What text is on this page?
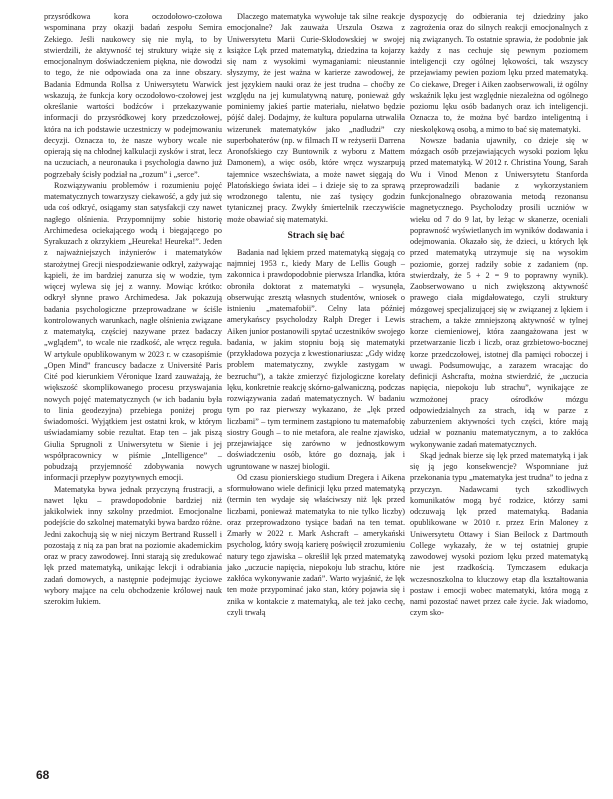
przysródkowa kora oczodołowo-czołowa wspominana przy okazji badań zespołu Semira Zekiego. Jeśli naukowcy się nie mylą, to by stwierdzili, że aktywność tej struktury wiąże się z emocjonalnym doświadczeniem piękna, nie dowodzi to tego, że nie odpowiada ona za inne obszary. Badania Edmunda Rollsa z Uniwersytetu Warwick wskazują, że funkcja kory oczodołowo-czołowej jest określanie wartości bodźców i przekazywanie informacji do przysródkowej kory przedczołowej, która na ich podstawie uczestniczy w podejmowaniu decyzji. Oznacza to, że nasze wybory wcale nie opierają się na chłodnej kalkulacji zysków i strat, lecz na uczuciach, a neuronauka i psychologia dawno już pogrzebały ścisły podział na „rozum” i „serce”.

Rozwiązywaniu problemów i rozumieniu pojęć matematycznych towarzyszy ciekawość, a gdy już się uda coś odkryć, osiągamy stan satysfakcji czy nawet nagłego olśnienia. Przypomnijmy sobie historię Archimedesa ociekającego wodą i biegającego po Syrakuzach z okrzykiem „Heureka! Heureka!”. Jeden z najważniejszych inżynierów i matematyków starożytnej Grecji niespodziewanie odkrył, zażywając kąpieli, że im bardziej zanurza się w wodzie, tym więcej wylewa się jej z wanny. Mowiąc krótko: odkrył słynne prawo Archimedesa. Jak pokazują badania psychologiczne przeprowadzane w ściśle kontrolowanych warunkach, nagłe olśnienia związane z matematyką, częściej nazywane przez badaczy „wglądem”, to wcale nie rzadkość, ale wręcz reguła. W artykule opublikowanym w 2023 r. w czasopiśmie „Open Mind” francuscy badacze z Université Paris Cité pod kierunkiem Véronique Izard zauważają, że większość skomplikowanego procesu przyswajania nowych pojęć matematycznych (w ich badaniu była to linia geodezyjna) przebiega poniżej progu świadomości. Wyjątkiem jest ostatni krok, w którym uświadamiamy sobie rezultat. Etap ten – jak piszą Giulia Sprugnoli z Uniwersytetu w Sienie i jej współpracownicy w piśmie „Intelligence” – pobudzają przyjemność zdobywania nowych informacji przepływ pozytywnych emocji.

Matematyka bywa jednak przyczyną frustracji, a nawet lęku – prawdopodobnie bardziej niż jakikolwiek inny szkolny przedmiot. Emocjonalne podejście do szkolnej matematyki bywa bardzo różne. Jedni zakochują się w niej niczym Bertrand Russell i pozostają z nią za pan brat na poziomie akademickim oraz w pracy zawodowej. Inni starają się zredukować lęk przed matematyką, unikając lekcji i odrabiania zadań domowych, a następnie podejmując życiowe wybory mające na celu obchodzenie królowej nauk szerokim łukiem.

Dlaczego matematyka wywołuje tak silne reakcje emocjonalne? Jak zauważa Urszula Oszwa z Uniwersytetu Marii Curie-Skłodowskiej w swojej książce Lęk przed matematyką, dziedzina ta kojarzy się nam z wysokimi wymaganiami: nieustannie słyszymy, że jest ważna w karierze zawodowej, że jest językiem nauki oraz że jest trudna – choćby ze względu na jej kumulatywną naturę, ponieważ gdy pominiemy jakieś partie materiału, niełatwo będzie pójść dalej. Dodajmy, że kultura popularna utrwaliła wizerunek matematyków jako „nadludzi” czy superbohaterów (np. w filmach Π w reżyserii Darrena Aronofskiego czy Buntownik z wyboru z Mattem Damonem), a więc osób, które wręcz wyszarpują tajemnice wszechświata, a może nawet sięgają do Platońskiego świata idei – i dzieje się to za sprawą wrodzonego talentu, nie zaś tysięcy godzin tytanicznej pracy. Zwykły śmiertelnik rzeczywiście może obawiać się matematyki.

Strach się bać

Badania nad lękiem przed matematyką sięgają co najmniej 1953 r., kiedy Mary de Lellis Gough – zakonnica i prawdopodobnie pierwsza Irlandka, która obroniła doktorat z matematyki – wysunęła, obserwując zresztą własnych studentów, wniosek o istnieniu „matemafobii”. Celny lata później amerykańscy psycholodzy Ralph Dreger i Lewis Aiken junior postanowili spytać uczestników swojego badania, w jakim stopniu boją się matematyki (przykładowa pozycja z kwestionariusza: „Gdy widzę problem matematyczny, zwykle zastygam w bezruchu”), a także zmierzyć fizjologiczne korelaty lęku, konkretnie reakcję skórno-galwaniczną, podczas rozwiązywania zadań matematycznych. W badaniu tym po raz pierwszy wykazano, że „lęk przed liczbami” – tym terminem zastąpiono tu matemafobię siostry Gough – to nie metafora, ale realne zjawisko, przejawiające się zarówno w jednostkowym doświadczeniu osób, które go doznają, jak i ugruntowane w naszej biologii.

Od czasu pionierskiego studium Dregera i Aikena sformułowano wiele definicji lęku przed matematyką (termin ten wydaje się właściwszy niż lęk przed liczbami, ponieważ matematyka to nie tylko liczby) oraz przeprowadzono tysiące badań na ten temat. Zmarły w 2022 r. Mark Ashcraft – amerykański psycholog, który swoją karierę poświęcił zrozumieniu natury tego zjawiska – określił lęk przed matematyką jako „uczucie napięcia, niepokoju lub strachu, które zakłóca wykonywanie zadań”. Warto wyjaśnić, że lęk ten może przypominać jako stan, który pojawia się i znika w kontakcie z matematyką, ale też jako cechę, czyli trwałą

dyspozycję do odbierania tej dziedziny jako zagrożenia oraz do silnych reakcji emocjonalnych z nią związanych. To ostatnie sprawia, że podobnie jak każdy z nas cechuje się pewnym poziomem inteligencji czy ogólnej lękowości, tak wszyscy przejawiamy pewien poziom lęku przed matematyką. Co ciekawe, Dreger i Aiken zaobserwowali, iż ogólny wskaźnik lęku jest względnie niezależna od ogólnego poziomu lęku osób badanych oraz ich inteligencji. Oznacza to, że można być bardzo inteligentną i nieskolękową osobą, a mimo to bać się matematyki.

Nowsze badania ujawniły, co dzieje się w mózgach osób przejawiających wysoki poziom lęku przed matematyką. W 2012 r. Christina Young, Sarah Wu i Vinod Menon z Uniwersytetu Stanforda przeprowadzili badanie z wykorzystaniem funkcjonalnego obrazowania metodą rezonansu magnetycznego. Psycholodzy prosili uczniów w wieku od 7 do 9 lat, by leżąc w skanerze, oceniali poprawność wyświetlanych im wyników dodawania i odejmowania. Okazało się, że dzieci, u których lęk przed matematyką utrzymuje się na wysokim poziomie, gorzej radziły sobie z zadaniem (np. stwierdzały, że 5 + 2 = 9 to poprawny wynik). Zaobserwowano u nich zwiększoną aktywność prawego ciała migdałowatego, czyli struktury mózgowej specjalizującej się w związanej z lękiem i strachem, a także zmniejszoną aktywność w tylnej korze ciemieniowej, która zaangażowana jest w przetwarzanie liczb i liczb, oraz grzbietowo-bocznej korze przedczołowej, istotnej dla pamięci roboczej i uwagi. Podsumowując, a zarazem wracając do definicji Ashcrafta, można stwierdzić, że „uczucia napięcia, niepokoju lub strachu”, wynikające ze wzmożonej pracy ośrodków mózgu odpowiedzialnych za strach, idą w parze z zaburzeniem aktywności tych części, które mają udział w poznaniu matematycznym, a to zakłóca wykonywanie zadań matematycznych.

Skąd jednak bierze się lęk przed matematyką i jak się ją jego konsekwencje? Wspomniane już przekonania typu „matematyka jest trudna” to jedna z przyczyn. Nadawcami tych szkodliwych komunikatów mogą być rodzice, którzy sami odczuwają lęk przed matematyką. Badania opublikowane w 2010 r. przez Erin Maloney z Uniwersytetu Ottawy i Sian Beilock z Dartmouth College wykazały, że w tej ostatniej grupie zawodowej wysoki poziom lęku przed matematyką nie jest rzadkością. Tymczasem edukacja wczesnoszkolna to kluczowy etap dla kształtowania postaw i emocji wobec matematyki, która mogą z nami pozostać nawet przez całe życie. Jak wiadomo, czym sko-

68
